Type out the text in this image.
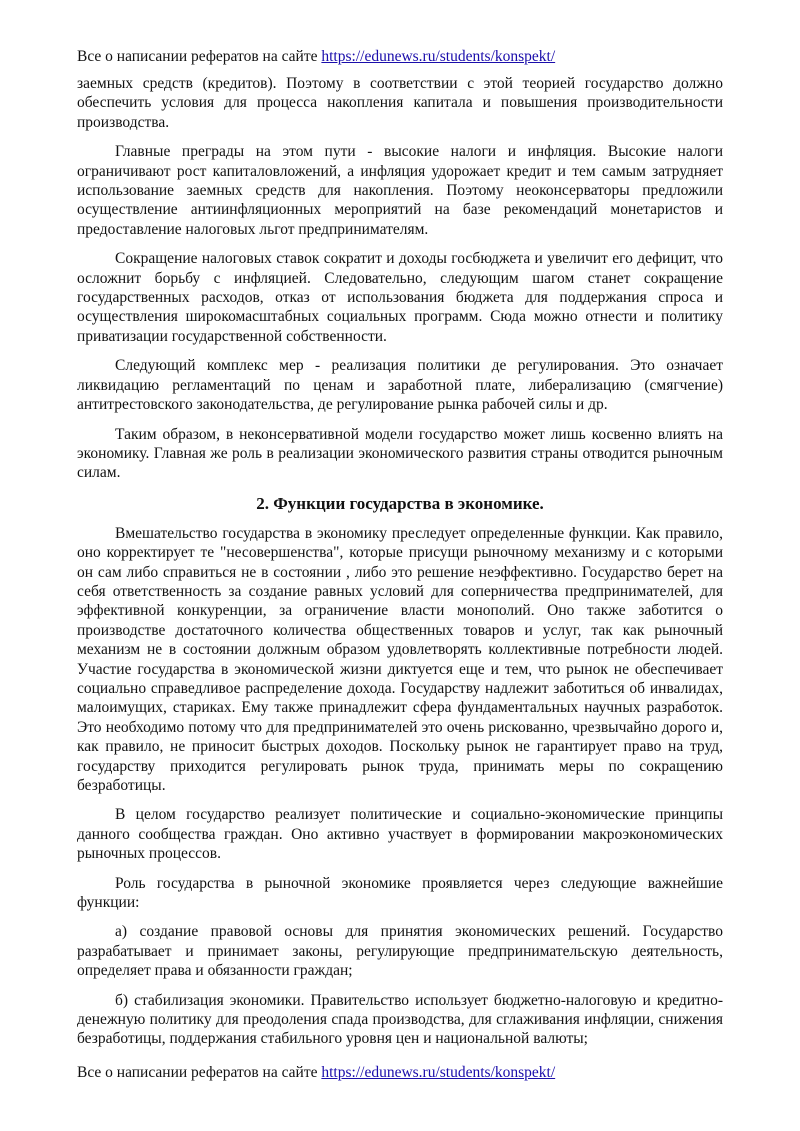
Все о написании рефератов на сайте https://edunews.ru/students/konspekt/

заемных средств (кредитов). Поэтому в соответствии с этой теорией государство должно обеспечить условия для процесса накопления капитала и повышения производительности производства.

Главные преграды на этом пути - высокие налоги и инфляция. Высокие налоги ограничивают рост капиталовложений, а инфляция удорожает кредит и тем самым затрудняет использование заемных средств для накопления. Поэтому неоконсерваторы предложили осуществление антиинфляционных мероприятий на базе рекомендаций монетаристов и предоставление налоговых льгот предпринимателям.

Сокращение налоговых ставок сократит и доходы госбюджета и увеличит его дефицит, что осложнит борьбу с инфляцией. Следовательно, следующим шагом станет сокращение государственных расходов, отказ от использования бюджета для поддержания спроса и осуществления широкомасштабных социальных программ. Сюда можно отнести и политику приватизации государственной собственности.

Следующий комплекс мер - реализация политики де регулирования. Это означает ликвидацию регламентаций по ценам и заработной плате, либерализацию (смягчение) антитрестовского законодательства, де регулирование рынка рабочей силы и др.

Таким образом, в неконсервативной модели государство может лишь косвенно влиять на экономику. Главная же роль в реализации экономического развития страны отводится рыночным силам.

2. Функции государства в экономике.

Вмешательство государства в экономику преследует определенные функции. Как правило, оно корректирует те "несовершенства", которые присущи рыночному механизму и с которыми он сам либо справиться не в состоянии , либо это решение неэффективно. Государство берет на себя ответственность за создание равных условий для соперничества предпринимателей, для эффективной конкуренции, за ограничение власти монополий. Оно также заботится о производстве достаточного количества общественных товаров и услуг, так как рыночный механизм не в состоянии должным образом удовлетворять коллективные потребности людей. Участие государства в экономической жизни диктуется еще и тем, что рынок не обеспечивает социально справедливое распределение дохода. Государству надлежит заботиться об инвалидах, малоимущих, стариках. Ему также принадлежит сфера фундаментальных научных разработок. Это необходимо потому что для предпринимателей это очень рискованно, чрезвычайно дорого и, как правило, не приносит быстрых доходов. Поскольку рынок не гарантирует право на труд, государству приходится регулировать рынок труда, принимать меры по сокращению безработицы.

В целом государство реализует политические и социально-экономические принципы данного сообщества граждан. Оно активно участвует в формировании макроэкономических рыночных процессов.

Роль государства в рыночной экономике проявляется через следующие важнейшие функции:

а) создание правовой основы для принятия экономических решений. Государство разрабатывает и принимает законы, регулирующие предпринимательскую деятельность, определяет права и обязанности граждан;

б) стабилизация экономики. Правительство использует бюджетно-налоговую и кредитно-денежную политику для преодоления спада производства, для сглаживания инфляции, снижения безработицы, поддержания стабильного уровня цен и национальной валюты;

Все о написании рефератов на сайте https://edunews.ru/students/konspekt/
